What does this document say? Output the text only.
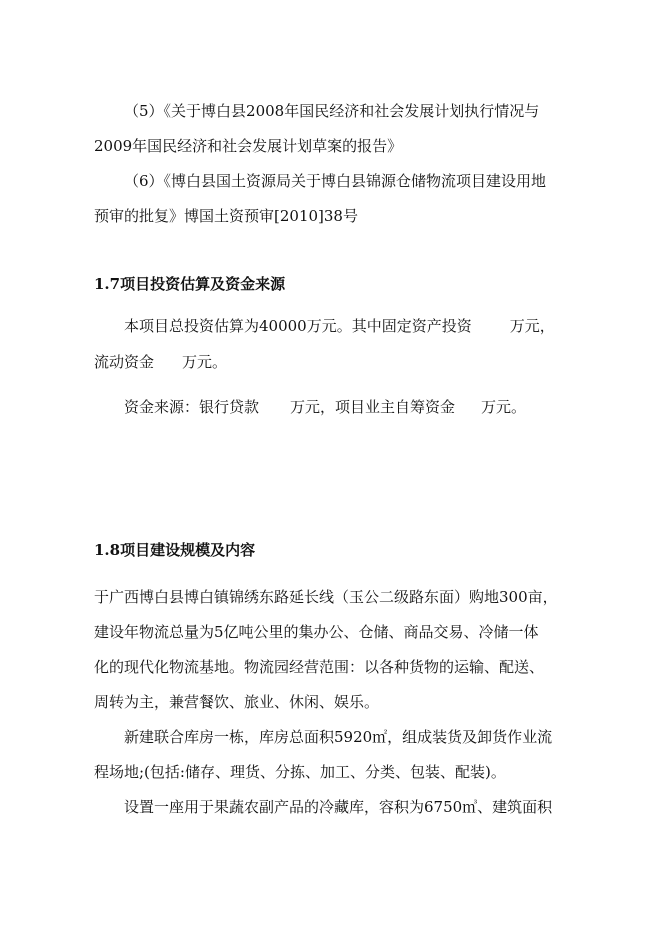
（5）《关于博白县2008年国民经济和社会发展计划执行情况与
2009年国民经济和社会发展计划草案的报告》
（6）《博白县国土资源局关于博白县锦源仓储物流项目建设用地
预审的批复》博国土资预审[2010]38号
1.7项目投资估算及资金来源
本项目总投资估算为40000万元。其中固定资产投资	万元，
流动资金 万元。
资金来源：银行贷款 万元，项目业主自筹资金 万元。
1.8项目建设规模及内容
于广西博白县博白镇锦绣东路延长线（玉公二级路东面）购地300亩，
建设年物流总量为5亿吨公里的集办公、仓储、商品交易、冷储一体
化的现代化物流基地。物流园经营范围：以各种货物的运输、配送、
周转为主，兼营餐饮、旅业、休闲、娱乐。
新建联合库房一栋，库房总面积5920㎡，组成装货及卸货作业流
程场地;(包括:储存、理货、分拣、加工、分类、包装、配装)。
设置一座用于果蔬农副产品的冷藏库，容积为6750㎥、建筑面积
